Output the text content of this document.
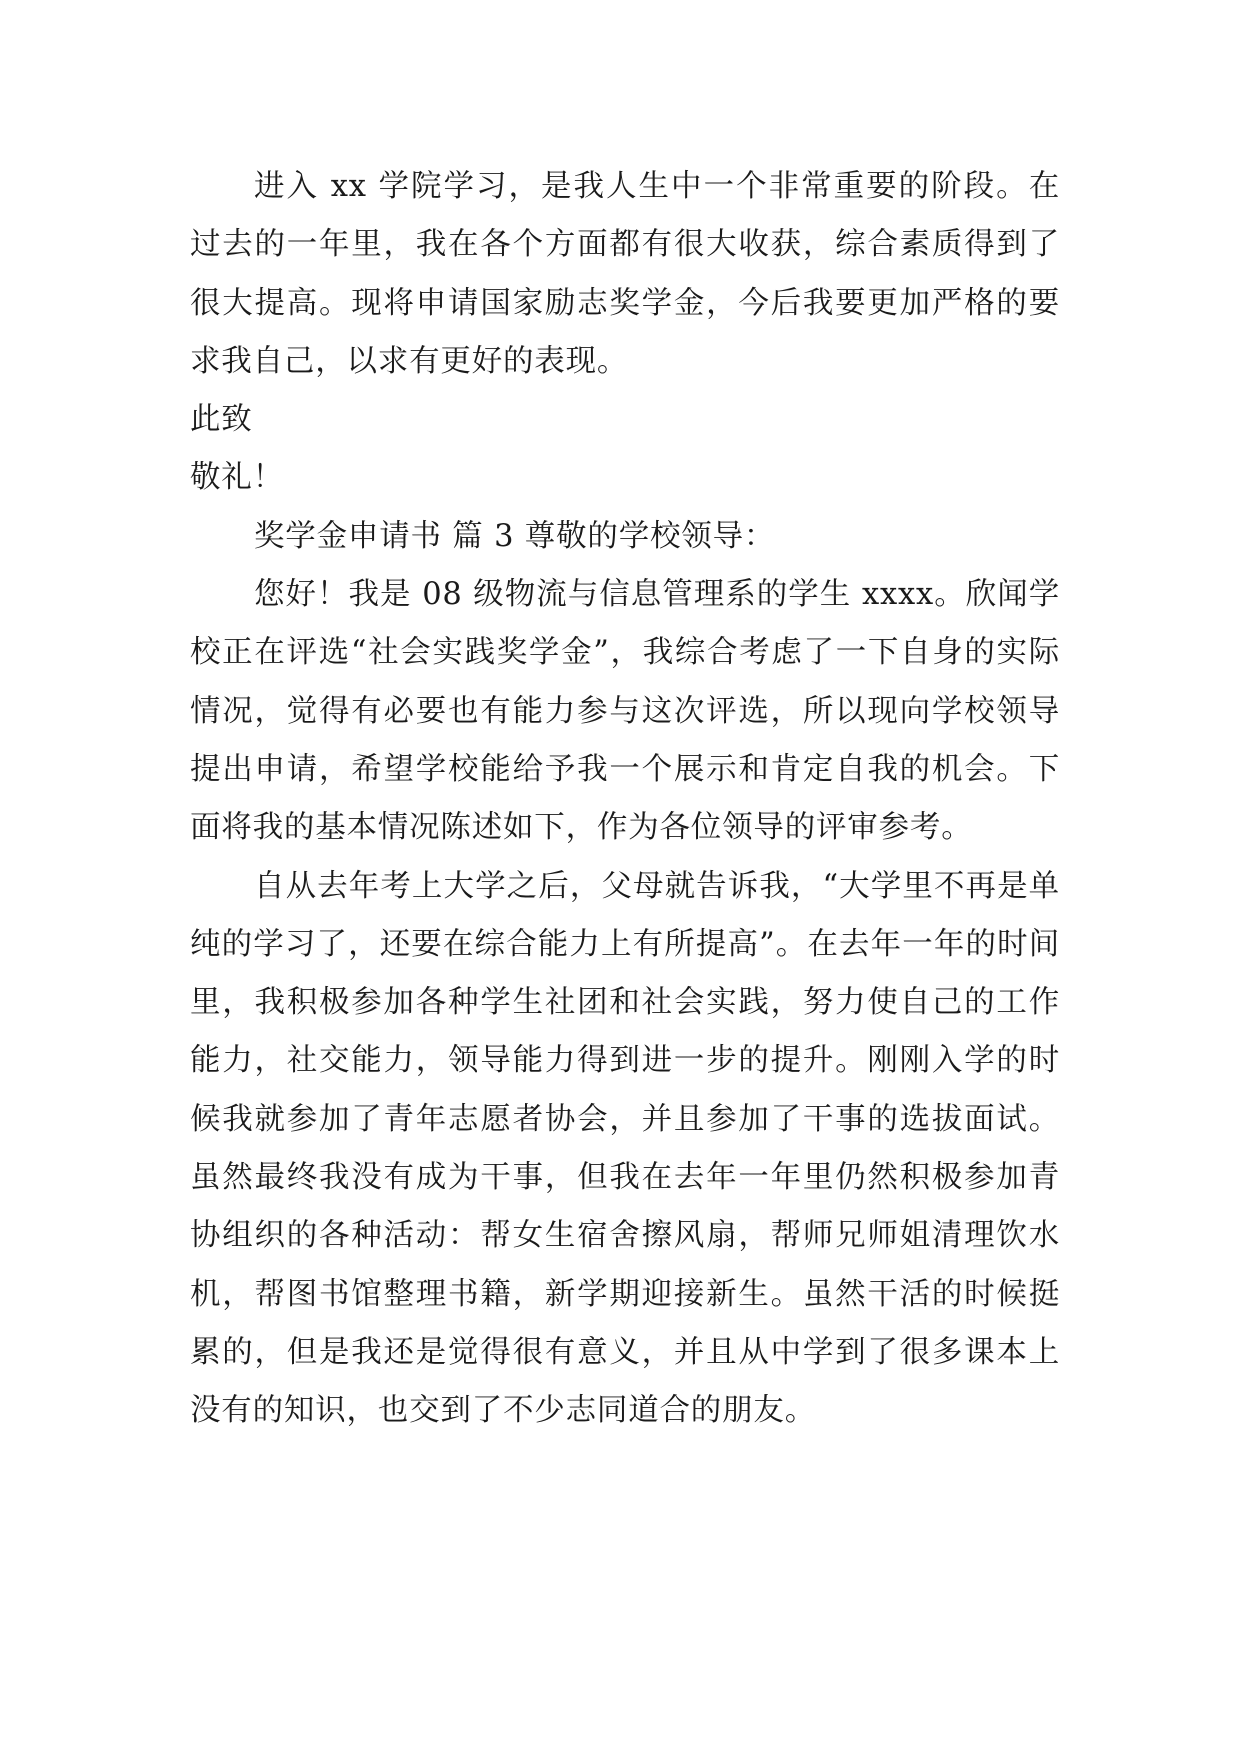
进入 xx 学院学习，是我人生中一个非常重要的阶段。在过去的一年里，我在各个方面都有很大收获，综合素质得到了很大提高。现将申请国家励志奖学金，今后我要更加严格的要求我自己，以求有更好的表现。

此致

敬礼！

奖学金申请书 篇 3 尊敬的学校领导：

您好！我是 08 级物流与信息管理系的学生 xxxx。欣闻学校正在评选“社会实践奖学金”，我综合考虑了一下自身的实际情况，觉得有必要也有能力参与这次评选，所以现向学校领导提出申请，希望学校能给予我一个展示和肯定自我的机会。下面将我的基本情况陈述如下，作为各位领导的评审参考。

自从去年考上大学之后，父母就告诉我，“大学里不再是单纯的学习了，还要在综合能力上有所提高”。在去年一年的时间里，我积极参加各种学生社团和社会实践，努力使自己的工作能力，社交能力，领导能力得到进一步的提升。刚刚入学的时候我就参加了青年志愿者协会，并且参加了干事的选拔面试。虽然最终我没有成为干事，但我在去年一年里仍然积极参加青协组织的各种活动：帮女生宿舍擦风扇，帮师兄师姐清理饮水机，帮图书馆整理书籍，新学期迎接新生。虽然干活的时候挺累的，但是我还是觉得很有意义，并且从中学到了很多课本上没有的知识，也交到了不少志同道合的朋友。
